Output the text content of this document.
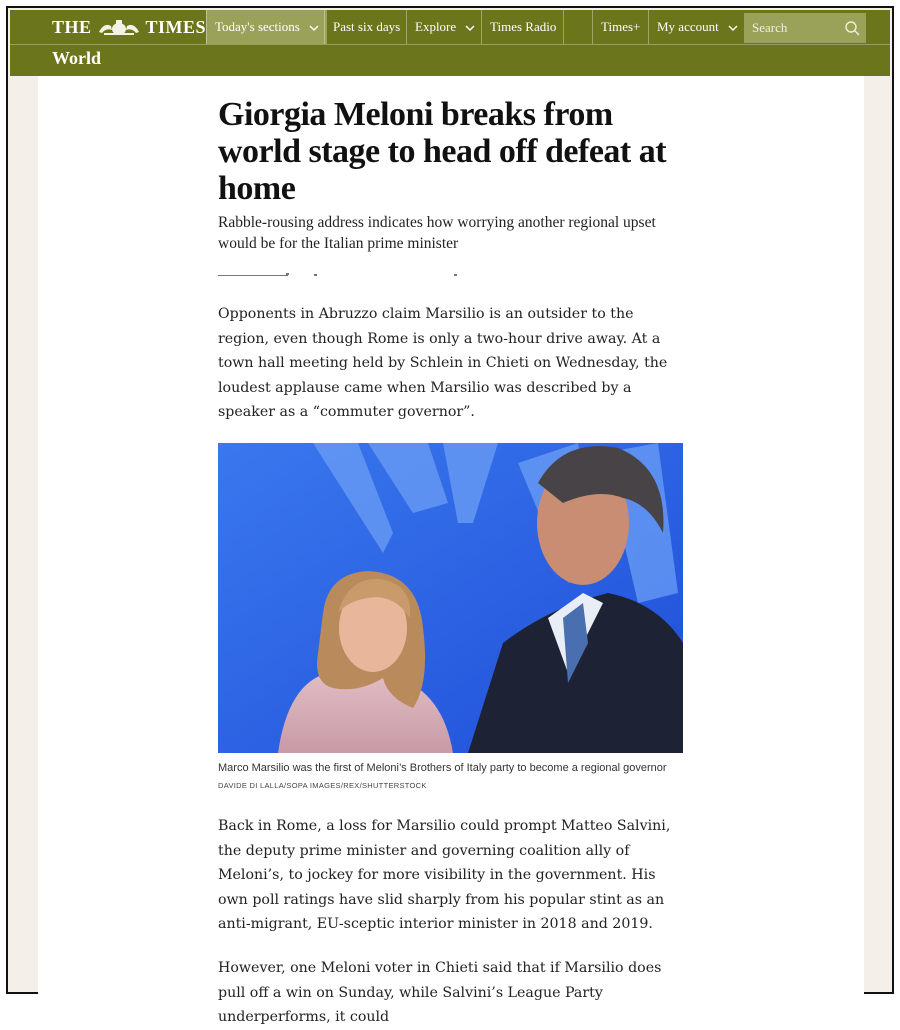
THE	TIMES Today's sections	Past six days	Explore	Times Radio	Times+	My account	Search
World
Giorgia Meloni breaks from world stage to head off defeat at home

Rabble-rousing address indicates how worrying another regional upset would be for the Italian prime minister

Opponents in Abruzzo claim Marsilio is an outsider to the region, even though Rome is only a two-hour drive away. At a town hall meeting held by Schlein in Chieti on Wednesday, the loudest applause came when Marsilio was described by a speaker as a “commuter governor”.

Marco Marsilio was the first of Meloni’s Brothers of Italy party to become a regional governor
DAVIDE DI LALLA/SOPA IMAGES/REX/SHUTTERSTOCK

Back in Rome, a loss for Marsilio could prompt Matteo Salvini, the deputy prime minister and governing coalition ally of Meloni’s, to jockey for more visibility in the government. His own poll ratings have slid sharply from his popular stint as an anti-migrant, EU-sceptic interior minister in 2018 and 2019.

However, one Meloni voter in Chieti said that if Marsilio does pull off a win on Sunday, while Salvini’s League Party underperforms, it could
